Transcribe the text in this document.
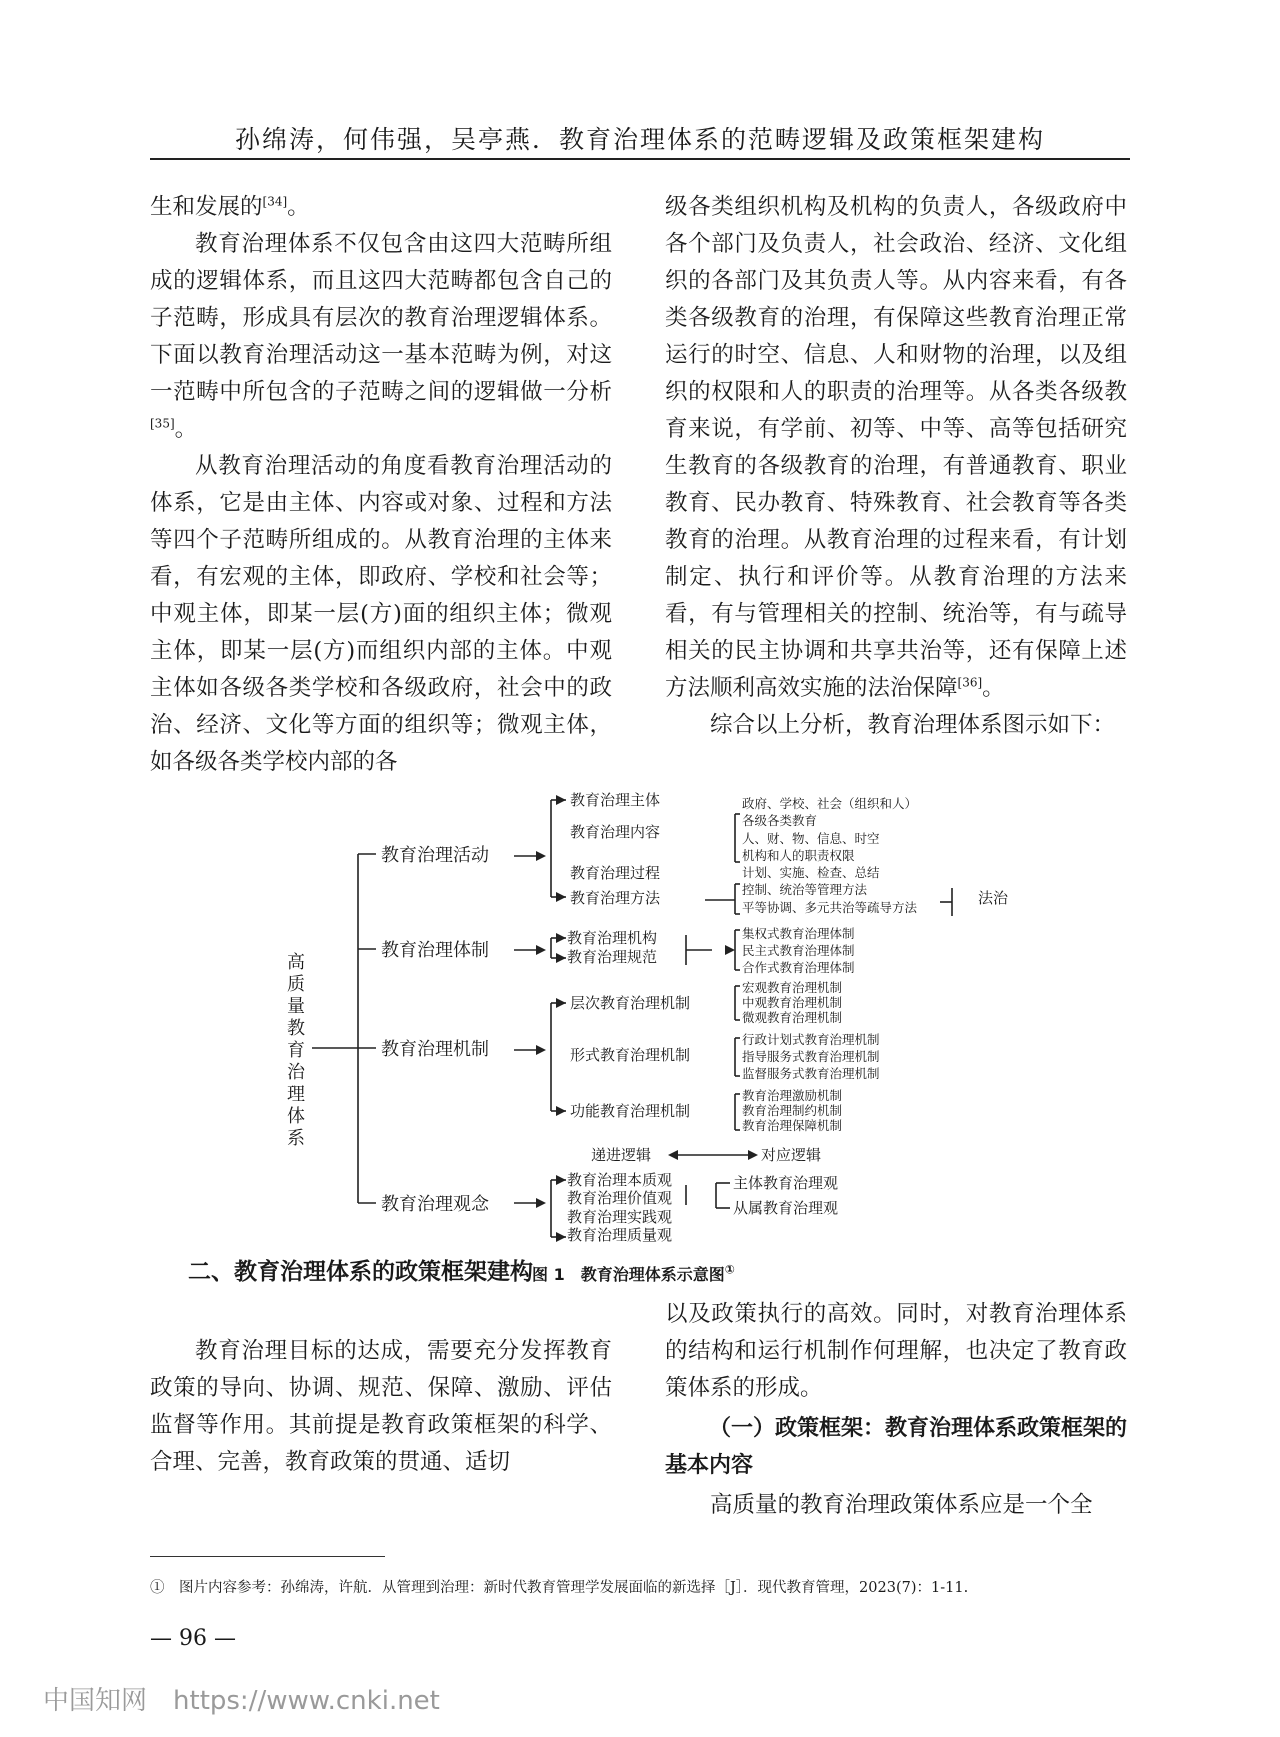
孙绵涛，何伟强，吴亭燕．教育治理体系的范畴逻辑及政策框架建构

生和发展的[34]。

教育治理体系不仅包含由这四大范畴所组成的逻辑体系，而且这四大范畴都包含自己的子范畴，形成具有层次的教育治理逻辑体系。下面以教育治理活动这一基本范畴为例，对这一范畴中所包含的子范畴之间的逻辑做一分析[35]。

从教育治理活动的角度看教育治理活动的体系，它是由主体、内容或对象、过程和方法等四个子范畴所组成的。从教育治理的主体来看，有宏观的主体，即政府、学校和社会等；中观主体，即某一层(方)面的组织主体；微观主体，即某一层(方)而组织内部的主体。中观主体如各级各类学校和各级政府，社会中的政治、经济、文化等方面的组织等；微观主体，如各级各类学校内部的各

级各类组织机构及机构的负责人，各级政府中各个部门及负责人，社会政治、经济、文化组织的各部门及其负责人等。从内容来看，有各类各级教育的治理，有保障这些教育治理正常运行的时空、信息、人和财物的治理，以及组织的权限和人的职责的治理等。从各类各级教育来说，有学前、初等、中等、高等包括研究生教育的各级教育的治理，有普通教育、职业教育、民办教育、特殊教育、社会教育等各类教育的治理。从教育治理的过程来看，有计划制定、执行和评价等。从教育治理的方法来看，有与管理相关的控制、统治等，有与疏导相关的民主协调和共享共治等，还有保障上述方法顺利高效实施的法治保障[36]。

综合以上分析，教育治理体系图示如下：

高
质
量
教
育
治
理
体
系
教育治理活动
教育治理体制
教育治理机制
教育治理观念
教育治理主体
教育治理内容
教育治理过程
教育治理方法
政府、学校、社会（组织和人）
各级各类教育
人、财、物、信息、时空
机构和人的职责权限
计划、实施、检查、总结
控制、统治等管理方法
平等协调、多元共治等疏导方法
法治
教育治理机构
教育治理规范
集权式教育治理体制
民主式教育治理体制
合作式教育治理体制
层次教育治理机制
形式教育治理机制
功能教育治理机制
宏观教育治理机制
中观教育治理机制
微观教育治理机制
行政计划式教育治理机制
指导服务式教育治理机制
监督服务式教育治理机制
教育治理激励机制
教育治理制约机制
教育治理保障机制
递进逻辑	对应逻辑
教育治理本质观
教育治理价值观
教育治理实践观
教育治理质量观
主体教育治理观
从属教育治理观
图 1　教育治理体系示意图①
二、教育治理体系的政策框架建构

教育治理目标的达成，需要充分发挥教育政策的导向、协调、规范、保障、激励、评估监督等作用。其前提是教育政策框架的科学、合理、完善，教育政策的贯通、适切

以及政策执行的高效。同时，对教育治理体系的结构和运行机制作何理解，也决定了教育政策体系的形成。

（一）政策框架：教育治理体系政策框架的基本内容

高质量的教育治理政策体系应是一个全

①　图片内容参考：孙绵涛，许航．从管理到治理：新时代教育管理学发展面临的新选择［J］．现代教育管理，2023(7)：1-11.
— 96 —
中国知网 https://www.cnki.net
